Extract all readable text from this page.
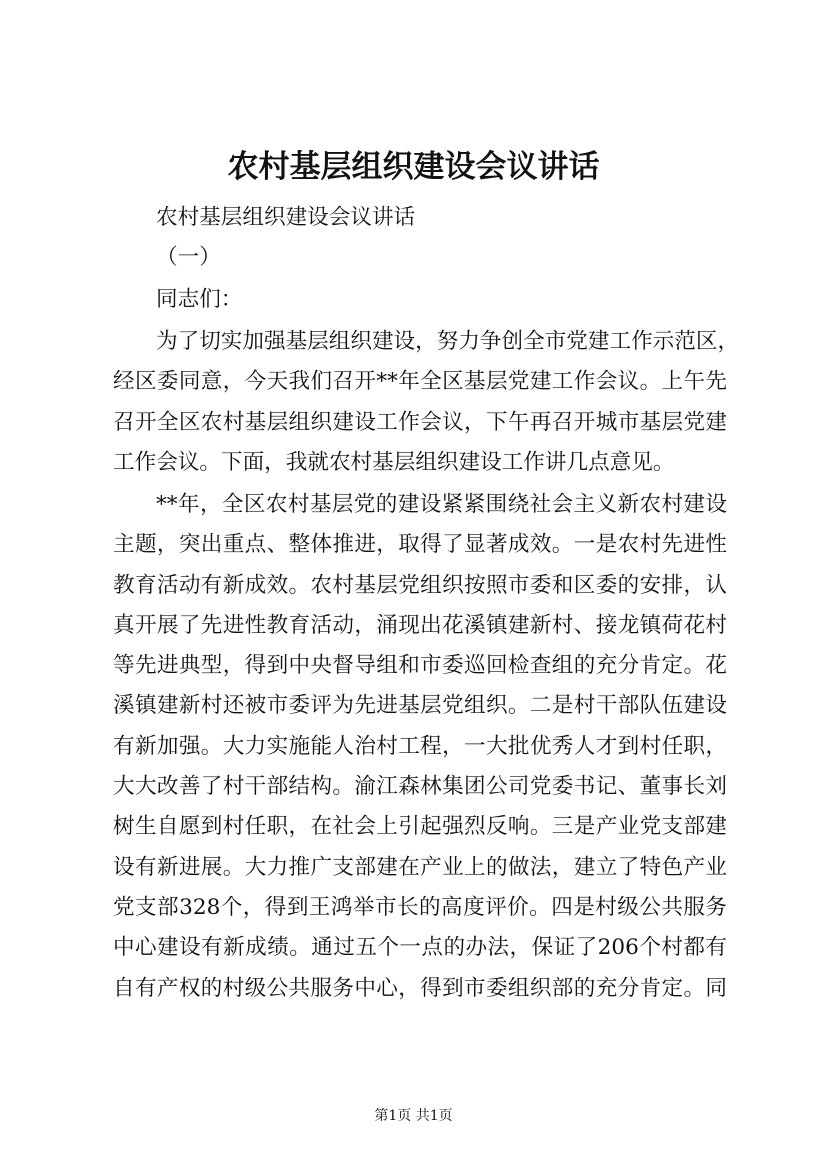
农村基层组织建设会议讲话
农村基层组织建设会议讲话
（一）
同志们：
为了切实加强基层组织建设，努力争创全市党建工作示范区，
经区委同意，今天我们召开**年全区基层党建工作会议。上午先
召开全区农村基层组织建设工作会议，下午再召开城市基层党建
工作会议。下面，我就农村基层组织建设工作讲几点意见。
**年，全区农村基层党的建设紧紧围绕社会主义新农村建设
主题，突出重点、整体推进，取得了显著成效。一是农村先进性
教育活动有新成效。农村基层党组织按照市委和区委的安排，认
真开展了先进性教育活动，涌现出花溪镇建新村、接龙镇荷花村
等先进典型，得到中央督导组和市委巡回检查组的充分肯定。花
溪镇建新村还被市委评为先进基层党组织。二是村干部队伍建设
有新加强。大力实施能人治村工程，一大批优秀人才到村任职，
大大改善了村干部结构。渝江森林集团公司党委书记、董事长刘
树生自愿到村任职，在社会上引起强烈反响。三是产业党支部建
设有新进展。大力推广支部建在产业上的做法，建立了特色产业
党支部328个，得到王鸿举市长的高度评价。四是村级公共服务
中心建设有新成绩。通过五个一点的办法，保证了206个村都有
自有产权的村级公共服务中心，得到市委组织部的充分肯定。同
第1页 共1页
